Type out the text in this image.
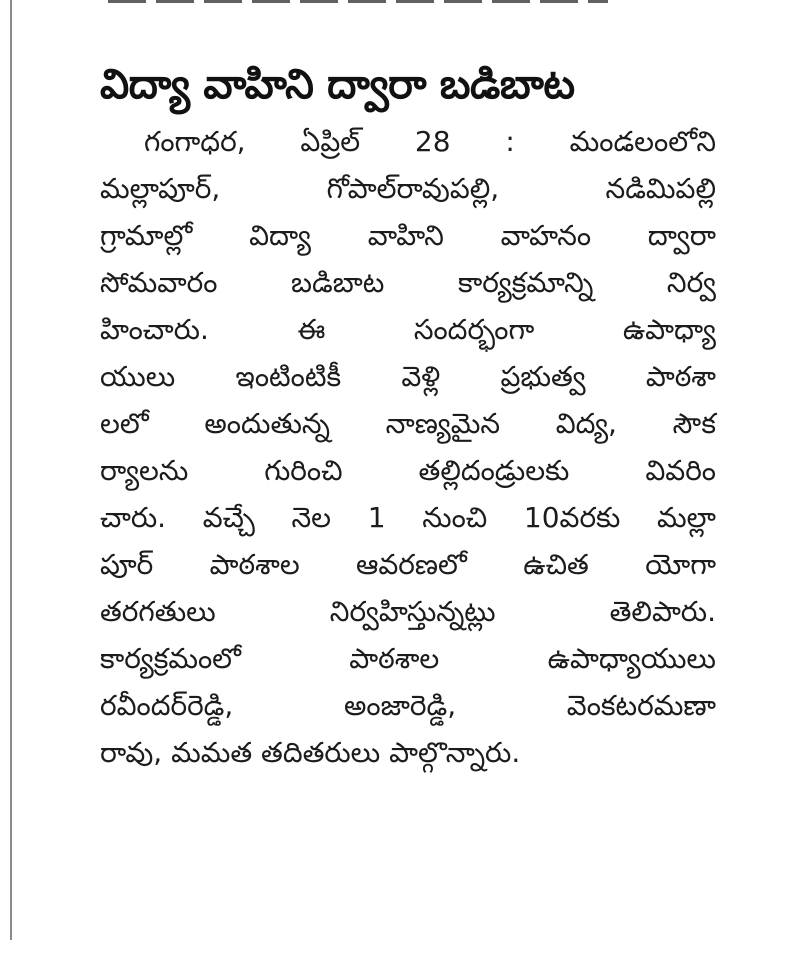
విద్యా వాహిని ద్వారా బడిబాట
గంగాధర, ఏప్రిల్ 28 : మండలంలోని
మల్లాపూర్, గోపాల్‌రావుపల్లి, నడిమిపల్లి
గ్రామాల్లో విద్యా వాహిని వాహనం ద్వారా
సోమవారం బడిబాట కార్యక్రమాన్ని నిర్వ
హించారు. ఈ సందర్భంగా ఉపాధ్యా
యులు ఇంటింటికీ వెళ్లి ప్రభుత్వ పాఠశా
లలో అందుతున్న నాణ్యమైన విద్య, సౌక
ర్యాలను గురించి తల్లిదండ్రులకు వివరిం
చారు. వచ్చే నెల 1 నుంచి 10వరకు మల్లా
పూర్ పాఠశాల ఆవరణలో ఉచిత యోగా
తరగతులు నిర్వహిస్తున్నట్లు తెలిపారు.
కార్యక్రమంలో పాఠశాల ఉపాధ్యాయులు
రవీందర్‌రెడ్డి, అంజారెడ్డి, వెంకటరమణా
రావు, మమత తదితరులు పాల్గొన్నారు.
